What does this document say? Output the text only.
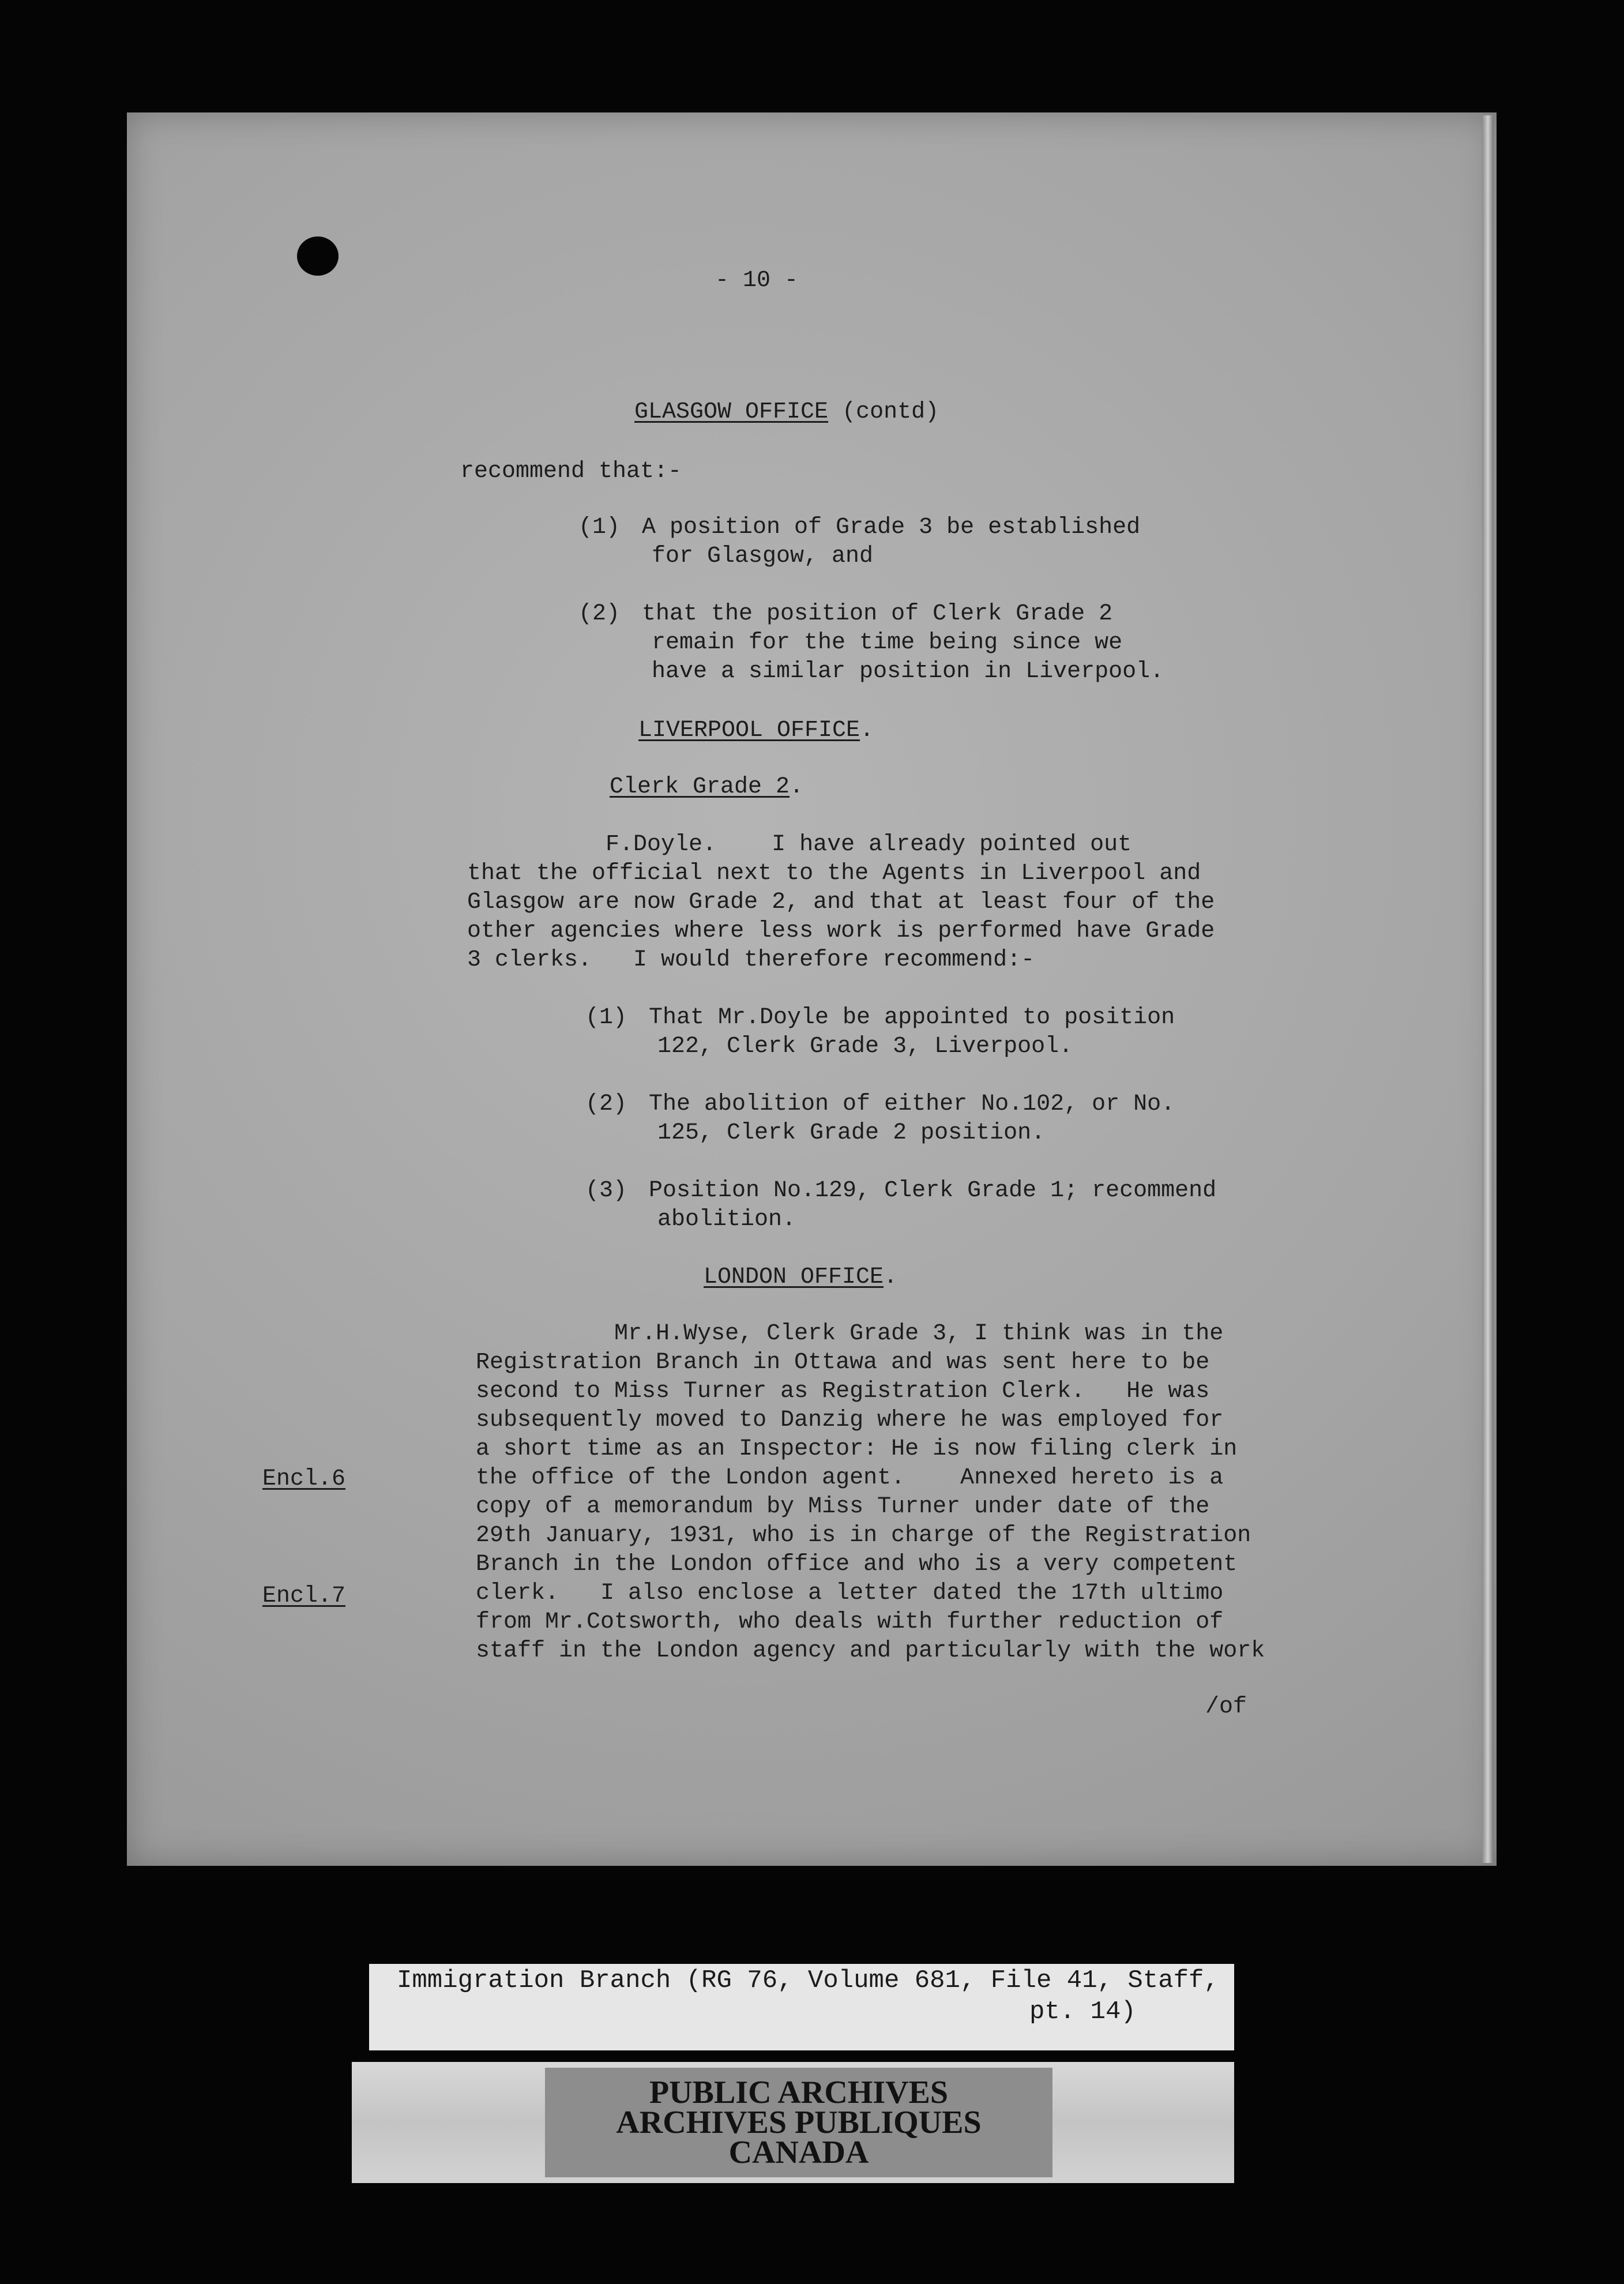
- 10 -
GLASGOW OFFICE (contd)
recommend that:-
(1) A position of Grade 3 be established
for Glasgow, and
(2) that the position of Clerk Grade 2
remain for the time being since we
have a similar position in Liverpool.
LIVERPOOL OFFICE.
Clerk Grade 2.
F.Doyle.    I have already pointed out
that the official next to the Agents in Liverpool and
Glasgow are now Grade 2, and that at least four of the
other agencies where less work is performed have Grade
3 clerks.   I would therefore recommend:-
(1) That Mr.Doyle be appointed to position
122, Clerk Grade 3, Liverpool.
(2) The abolition of either No.102, or No.
125, Clerk Grade 2 position.
(3) Position No.129, Clerk Grade 1; recommend
abolition.
LONDON OFFICE.
Mr.H.Wyse, Clerk Grade 3, I think was in the
Registration Branch in Ottawa and was sent here to be
second to Miss Turner as Registration Clerk.   He was
subsequently moved to Danzig where he was employed for
a short time as an Inspector: He is now filing clerk in
the office of the London agent.    Annexed hereto is a
copy of a memorandum by Miss Turner under date of the
29th January, 1931, who is in charge of the Registration
Branch in the London office and who is a very competent
clerk.   I also enclose a letter dated the 17th ultimo
from Mr.Cotsworth, who deals with further reduction of
staff in the London agency and particularly with the work
Encl.6
Encl.7
/of
Immigration Branch (RG 76, Volume 681, File 41, Staff,
pt. 14)
PUBLIC ARCHIVES
ARCHIVES PUBLIQUES
CANADA
